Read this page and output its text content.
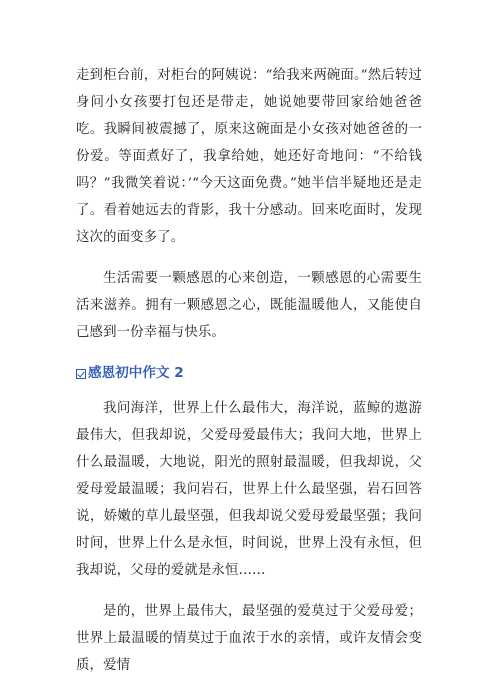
走到柜台前，对柜台的阿姨说：“给我来两碗面。”然后转过身问小女孩要打包还是带走，她说她要带回家给她爸爸吃。我瞬间被震撼了，原来这碗面是小女孩对她爸爸的一份爱。等面煮好了，我拿给她，她还好奇地问：“不给钱吗？”我微笑着说：’“今天这面免费。”她半信半疑地还是走了。看着她远去的背影，我十分感动。回来吃面时，发现这次的面变多了。

生活需要一颗感恩的心来创造，一颗感恩的心需要生活来滋养。拥有一颗感恩之心，既能温暖他人，又能使自己感到一份幸福与快乐。

感恩初中作文 2

我问海洋，世界上什么最伟大，海洋说，蓝鲸的遨游最伟大，但我却说，父爱母爱最伟大；我问大地，世界上什么最温暖，大地说，阳光的照射最温暖，但我却说，父爱母爱最温暖；我问岩石，世界上什么最坚强，岩石回答说，娇嫩的草儿最坚强，但我却说父爱母爱最坚强；我问时间，世界上什么是永恒，时间说，世界上没有永恒，但我却说，父母的爱就是永恒……

是的，世界上最伟大，最坚强的爱莫过于父爱母爱；世界上最温暖的情莫过于血浓于水的亲情，或许友情会变质，爱情
